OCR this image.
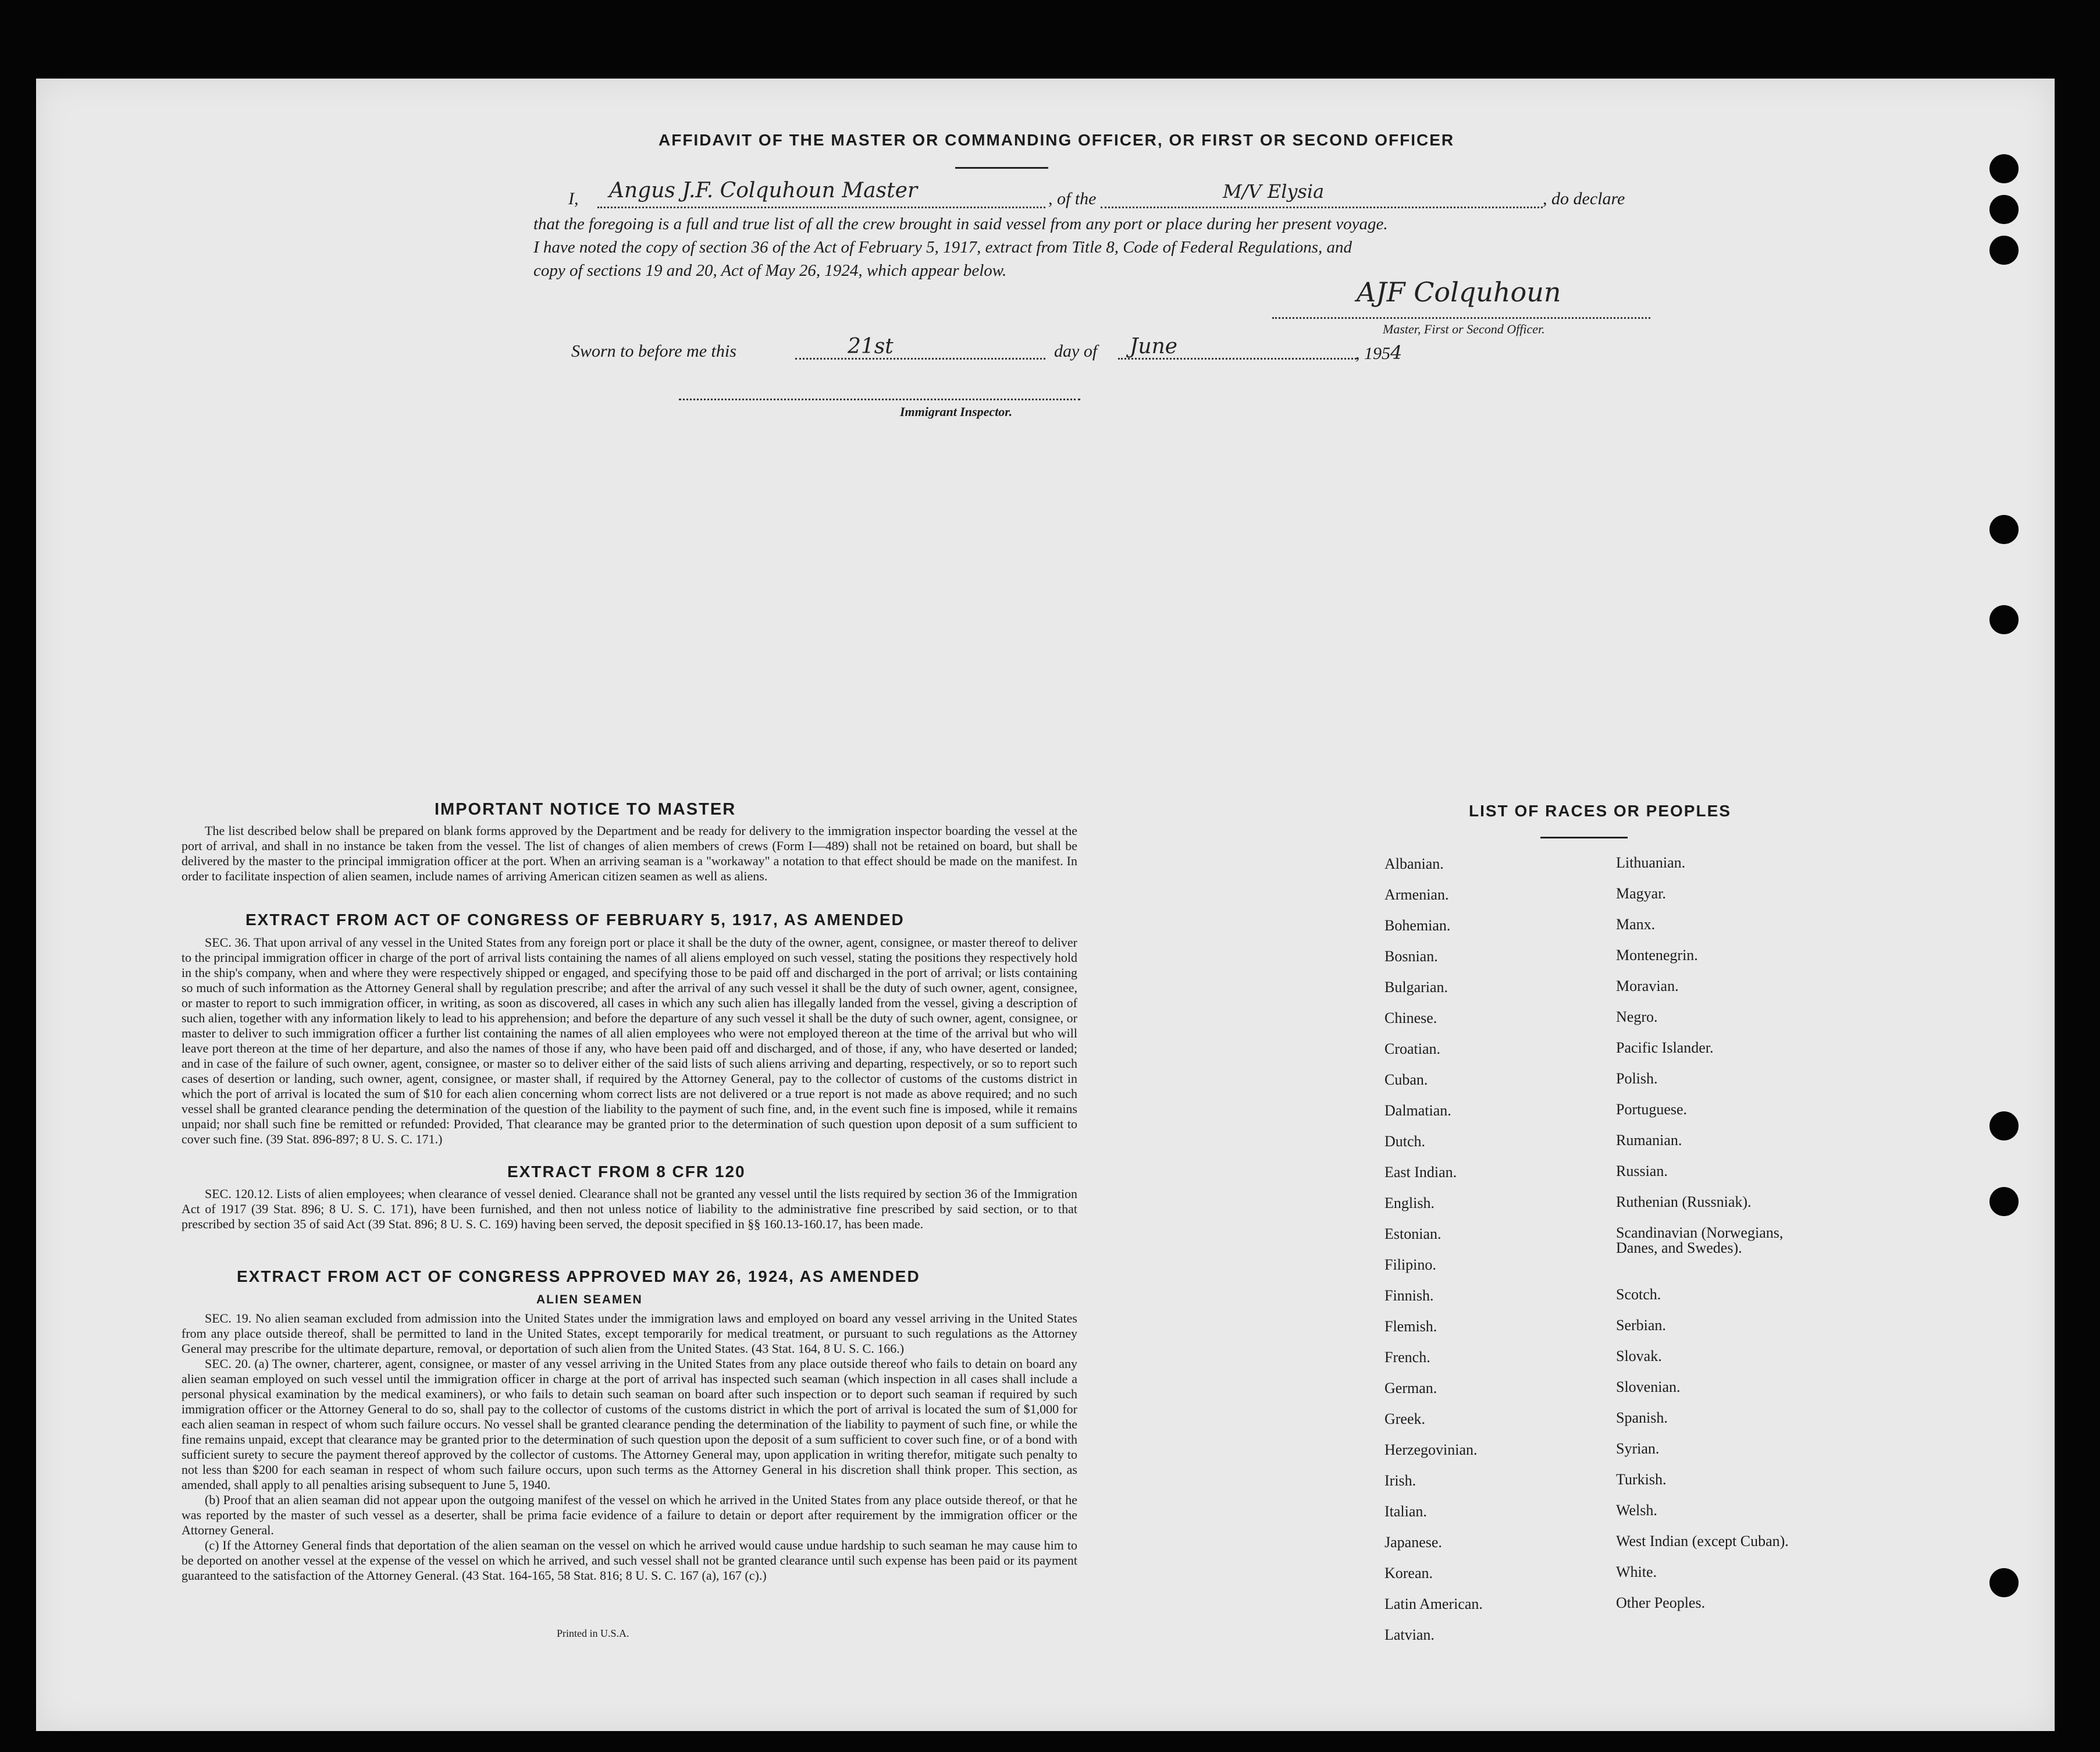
AFFIDAVIT OF THE MASTER OR COMMANDING OFFICER, OR FIRST OR SECOND OFFICER
I, Angus J.F. Colquhoun Master	, of the	M/V Elysia	, do declare
that the foregoing is a full and true list of all the crew brought in said vessel from any port or place during her present voyage.
I have noted the copy of section 36 of the Act of February 5, 1917, extract from Title 8, Code of Federal Regulations, and
copy of sections 19 and 20, Act of May 26, 1924, which appear below.
AJF Colquhoun
Master, First or Second Officer.
Sworn to before me this	21st	day of June	, 1954
Immigrant Inspector.
IMPORTANT NOTICE TO MASTER
The list described below shall be prepared on blank forms approved by the Department and be ready for delivery to the immigration inspector boarding the vessel at the port of arrival, and shall in no instance be taken from the vessel. The list of changes of alien members of crews (Form I—489) shall not be retained on board, but shall be delivered by the master to the principal immigration officer at the port. When an arriving seaman is a "workaway" a notation to that effect should be made on the manifest. In order to facilitate inspection of alien seamen, include names of arriving American citizen seamen as well as aliens.
EXTRACT FROM ACT OF CONGRESS OF FEBRUARY 5, 1917, AS AMENDED
SEC. 36. That upon arrival of any vessel in the United States from any foreign port or place it shall be the duty of the owner, agent, consignee, or master thereof to deliver to the principal immigration officer in charge of the port of arrival lists containing the names of all aliens employed on such vessel, stating the positions they respectively hold in the ship's company, when and where they were respectively shipped or engaged, and specifying those to be paid off and discharged in the port of arrival; or lists containing so much of such information as the Attorney General shall by regulation prescribe; and after the arrival of any such vessel it shall be the duty of such owner, agent, consignee, or master to report to such immigration officer, in writing, as soon as discovered, all cases in which any such alien has illegally landed from the vessel, giving a description of such alien, together with any information likely to lead to his apprehension; and before the departure of any such vessel it shall be the duty of such owner, agent, consignee, or master to deliver to such immigration officer a further list containing the names of all alien employees who were not employed thereon at the time of the arrival but who will leave port thereon at the time of her departure, and also the names of those if any, who have been paid off and discharged, and of those, if any, who have deserted or landed; and in case of the failure of such owner, agent, consignee, or master so to deliver either of the said lists of such aliens arriving and departing, respectively, or so to report such cases of desertion or landing, such owner, agent, consignee, or master shall, if required by the Attorney General, pay to the collector of customs of the customs district in which the port of arrival is located the sum of $10 for each alien concerning whom correct lists are not delivered or a true report is not made as above required; and no such vessel shall be granted clearance pending the determination of the question of the liability to the payment of such fine, and, in the event such fine is imposed, while it remains unpaid; nor shall such fine be remitted or refunded: Provided, That clearance may be granted prior to the determination of such question upon deposit of a sum sufficient to cover such fine. (39 Stat. 896-897; 8 U. S. C. 171.)
EXTRACT FROM 8 CFR 120
SEC. 120.12. Lists of alien employees; when clearance of vessel denied. Clearance shall not be granted any vessel until the lists required by section 36 of the Immigration Act of 1917 (39 Stat. 896; 8 U. S. C. 171), have been furnished, and then not unless notice of liability to the administrative fine prescribed by said section, or to that prescribed by section 35 of said Act (39 Stat. 896; 8 U. S. C. 169) having been served, the deposit specified in §§ 160.13-160.17, has been made.
EXTRACT FROM ACT OF CONGRESS APPROVED MAY 26, 1924, AS AMENDED
ALIEN SEAMEN
SEC. 19. No alien seaman excluded from admission into the United States under the immigration laws and employed on board any vessel arriving in the United States from any place outside thereof, shall be permitted to land in the United States, except temporarily for medical treatment, or pursuant to such regulations as the Attorney General may prescribe for the ultimate departure, removal, or deportation of such alien from the United States. (43 Stat. 164, 8 U. S. C. 166.)
SEC. 20. (a) The owner, charterer, agent, consignee, or master of any vessel arriving in the United States from any place outside thereof who fails to detain on board any alien seaman employed on such vessel until the immigration officer in charge at the port of arrival has inspected such seaman (which inspection in all cases shall include a personal physical examination by the medical examiners), or who fails to detain such seaman on board after such inspection or to deport such seaman if required by such immigration officer or the Attorney General to do so, shall pay to the collector of customs of the customs district in which the port of arrival is located the sum of $1,000 for each alien seaman in respect of whom such failure occurs. No vessel shall be granted clearance pending the determination of the liability to payment of such fine, or while the fine remains unpaid, except that clearance may be granted prior to the determination of such question upon the deposit of a sum sufficient to cover such fine, or of a bond with sufficient surety to secure the payment thereof approved by the collector of customs. The Attorney General may, upon application in writing therefor, mitigate such penalty to not less than $200 for each seaman in respect of whom such failure occurs, upon such terms as the Attorney General in his discretion shall think proper. This section, as amended, shall apply to all penalties arising subsequent to June 5, 1940.
(b) Proof that an alien seaman did not appear upon the outgoing manifest of the vessel on which he arrived in the United States from any place outside thereof, or that he was reported by the master of such vessel as a deserter, shall be prima facie evidence of a failure to detain or deport after requirement by the immigration officer or the Attorney General.
(c) If the Attorney General finds that deportation of the alien seaman on the vessel on which he arrived would cause undue hardship to such seaman he may cause him to be deported on another vessel at the expense of the vessel on which he arrived, and such vessel shall not be granted clearance until such expense has been paid or its payment guaranteed to the satisfaction of the Attorney General. (43 Stat. 164-165, 58 Stat. 816; 8 U. S. C. 167 (a), 167 (c).)
Printed in U.S.A.
LIST OF RACES OR PEOPLES
Albanian.
Armenian.
Bohemian.
Bosnian.
Bulgarian.
Chinese.
Croatian.
Cuban.
Dalmatian.
Dutch.
East Indian.
English.
Estonian.
Filipino.
Finnish.
Flemish.
French.
German.
Greek.
Herzegovinian.
Irish.
Italian.
Japanese.
Korean.
Latin American.
Latvian.
Lithuanian.
Magyar.
Manx.
Montenegrin.
Moravian.
Negro.
Pacific Islander.
Polish.
Portuguese.
Rumanian.
Russian.
Ruthenian (Russniak).
Scandinavian (Norwegians,
Danes, and Swedes).
Scotch.
Serbian.
Slovak.
Slovenian.
Spanish.
Syrian.
Turkish.
Welsh.
West Indian (except Cuban).
White.
Other Peoples.
